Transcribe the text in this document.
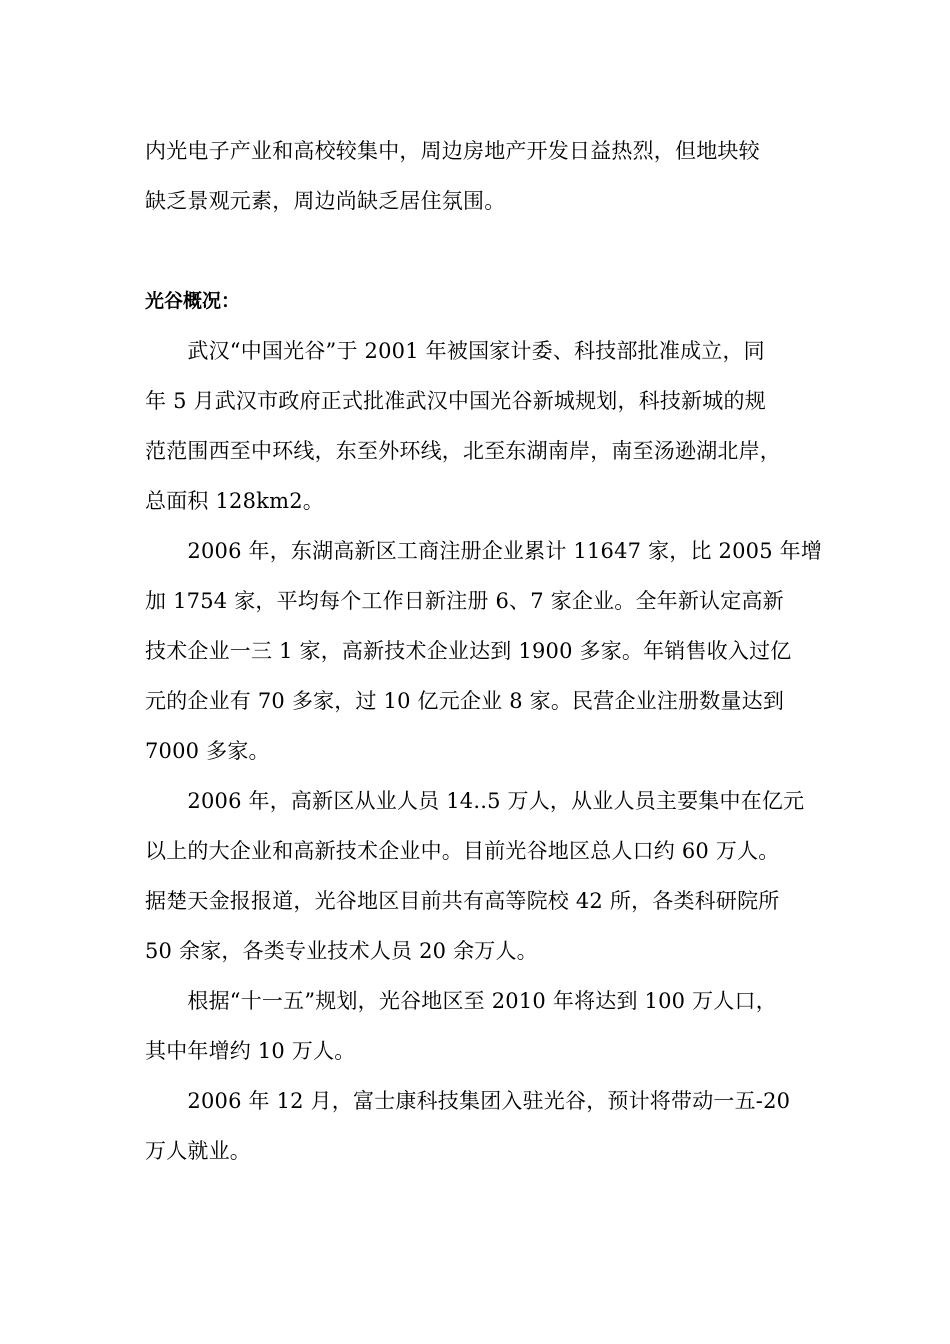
内光电子产业和高校较集中，周边房地产开发日益热烈，但地块较
缺乏景观元素，周边尚缺乏居住氛围。
光谷概况：
　　武汉“中国光谷”于 2001 年被国家计委、科技部批准成立，同
年 5 月武汉市政府正式批准武汉中国光谷新城规划，科技新城的规
范范围西至中环线，东至外环线，北至东湖南岸，南至汤逊湖北岸，
总面积 128km2。
　　2006 年，东湖高新区工商注册企业累计 11647 家，比 2005 年增
加 1754 家，平均每个工作日新注册 6、7 家企业。全年新认定高新
技术企业一三 1 家，高新技术企业达到 1900 多家。年销售收入过亿
元的企业有 70 多家，过 10 亿元企业 8 家。民营企业注册数量达到
7000 多家。
　　2006 年，高新区从业人员 14..5 万人，从业人员主要集中在亿元
以上的大企业和高新技术企业中。目前光谷地区总人口约 60 万人。
据楚天金报报道，光谷地区目前共有高等院校 42 所，各类科研院所
50 余家，各类专业技术人员 20 余万人。
　　根据“十一五”规划，光谷地区至 2010 年将达到 100 万人口，
其中年增约 10 万人。
　　2006 年 12 月，富士康科技集团入驻光谷，预计将带动一五-20
万人就业。
